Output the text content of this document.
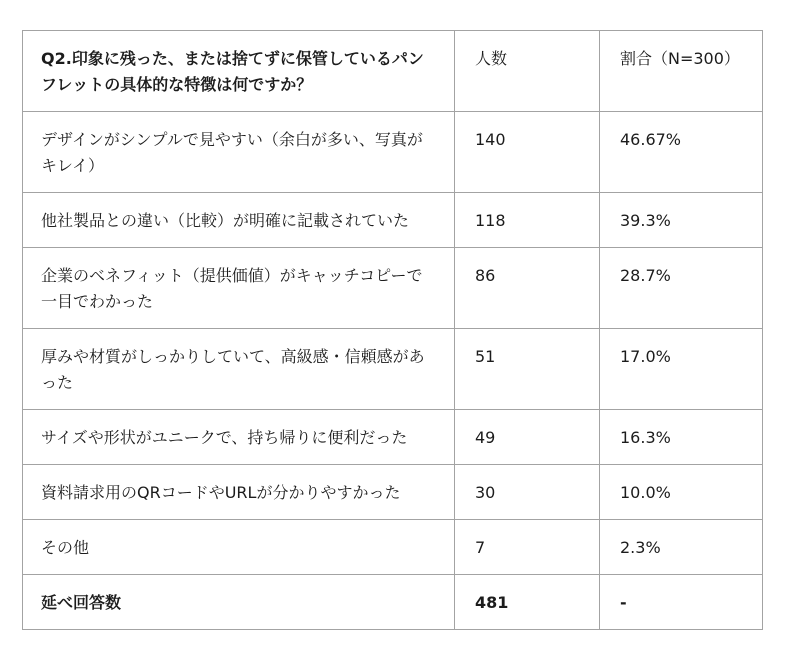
Q2.印象に残った、または捨てずに保管しているパンフレットの具体的な特徴は何ですか？	人数	割合（N=300）
デザインがシンプルで見やすい（余白が多い、写真がキレイ）	140	46.67%
他社製品との違い（比較）が明確に記載されていた	118	39.3%
企業のベネフィット（提供価値）がキャッチコピーで一目でわかった	86	28.7%
厚みや材質がしっかりしていて、高級感・信頼感があった	51	17.0%
サイズや形状がユニークで、持ち帰りに便利だった	49	16.3%
資料請求用のQRコードやURLが分かりやすかった	30	10.0%
その他	7	2.3%
延べ回答数	481	-
